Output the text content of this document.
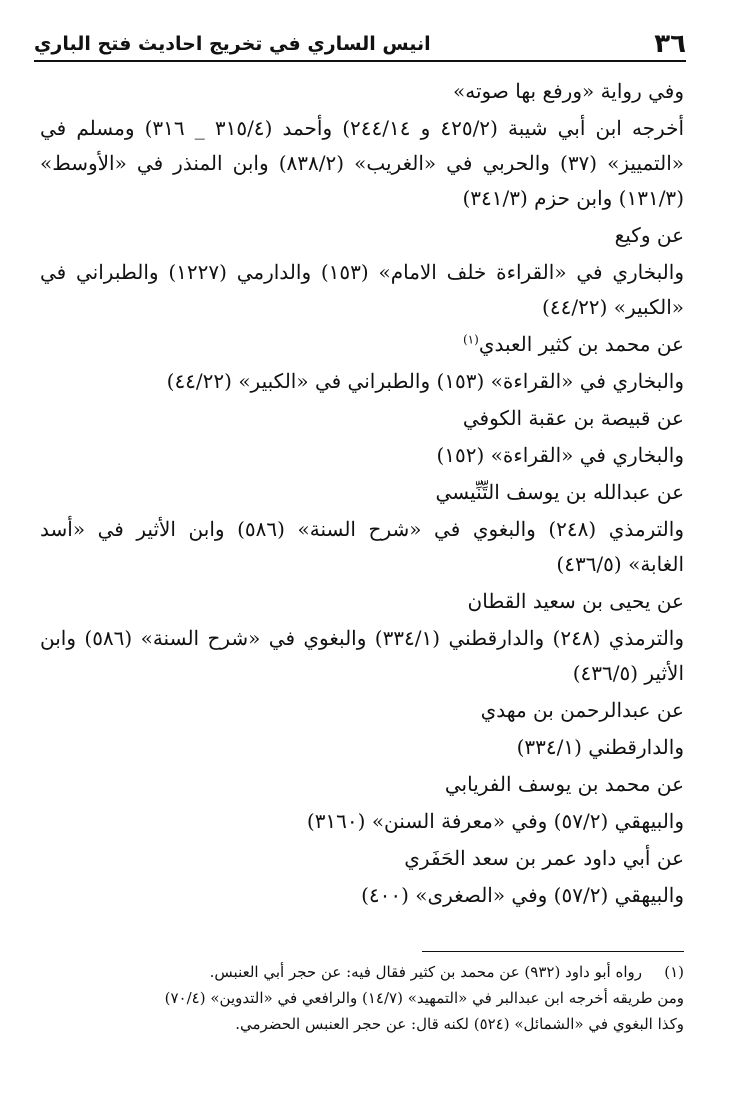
٣٦
انيس الساري في تخريج احاديث فتح الباري

وفي رواية «ورفع بها صوته»

أخرجه ابن أبي شيبة (٤٢٥/٢ و ٢٤٤/١٤) وأحمد (٣١٥/٤ _ ٣١٦) ومسلم في «التمييز» (٣٧) والحربي في «الغريب» (٨٣٨/٢) وابن المنذر في «الأوسط» (١٣١/٣) وابن حزم (٣٤١/٣)

عن وكيع

والبخاري في «القراءة خلف الامام» (١٥٣) والدارمي (١٢٢٧) والطبراني في «الكبير» (٤٤/٢٢)

عن محمد بن كثير العبدي$^{(١)}$

والبخاري في «القراءة» (١٥٣) والطبراني في «الكبير» (٤٤/٢٢)

عن قبيصة بن عقبة الكوفي

والبخاري في «القراءة» (١٥٢)

عن عبدالله بن يوسف التِّنِّيسي

والترمذي (٢٤٨) والبغوي في «شرح السنة» (٥٨٦) وابن الأثير في «أسد الغابة» (٤٣٦/٥)

عن يحيى بن سعيد القطان

والترمذي (٢٤٨) والدارقطني (٣٣٤/١) والبغوي في «شرح السنة» (٥٨٦) وابن الأثير (٤٣٦/٥)

عن عبدالرحمن بن مهدي

والدارقطني (٣٣٤/١)

عن محمد بن يوسف الفريابي

والبيهقي (٥٧/٢) وفي «معرفة السنن» (٣١٦٠)

عن أبي داود عمر بن سعد الحَفَري

والبيهقي (٥٧/٢) وفي «الصغرى» (٤٠٠)

(١)
رواه أبو داود (٩٣٢) عن محمد بن كثير فقال فيه: عن حجر أبي العنبس.
ومن طريقه أخرجه ابن عبدالبر في «التمهيد» (١٤/٧) والرافعي في «التدوين» (٧٠/٤)
وكذا البغوي في «الشمائل» (٥٢٤) لكنه قال: عن حجر العنبس الحضرمي.
